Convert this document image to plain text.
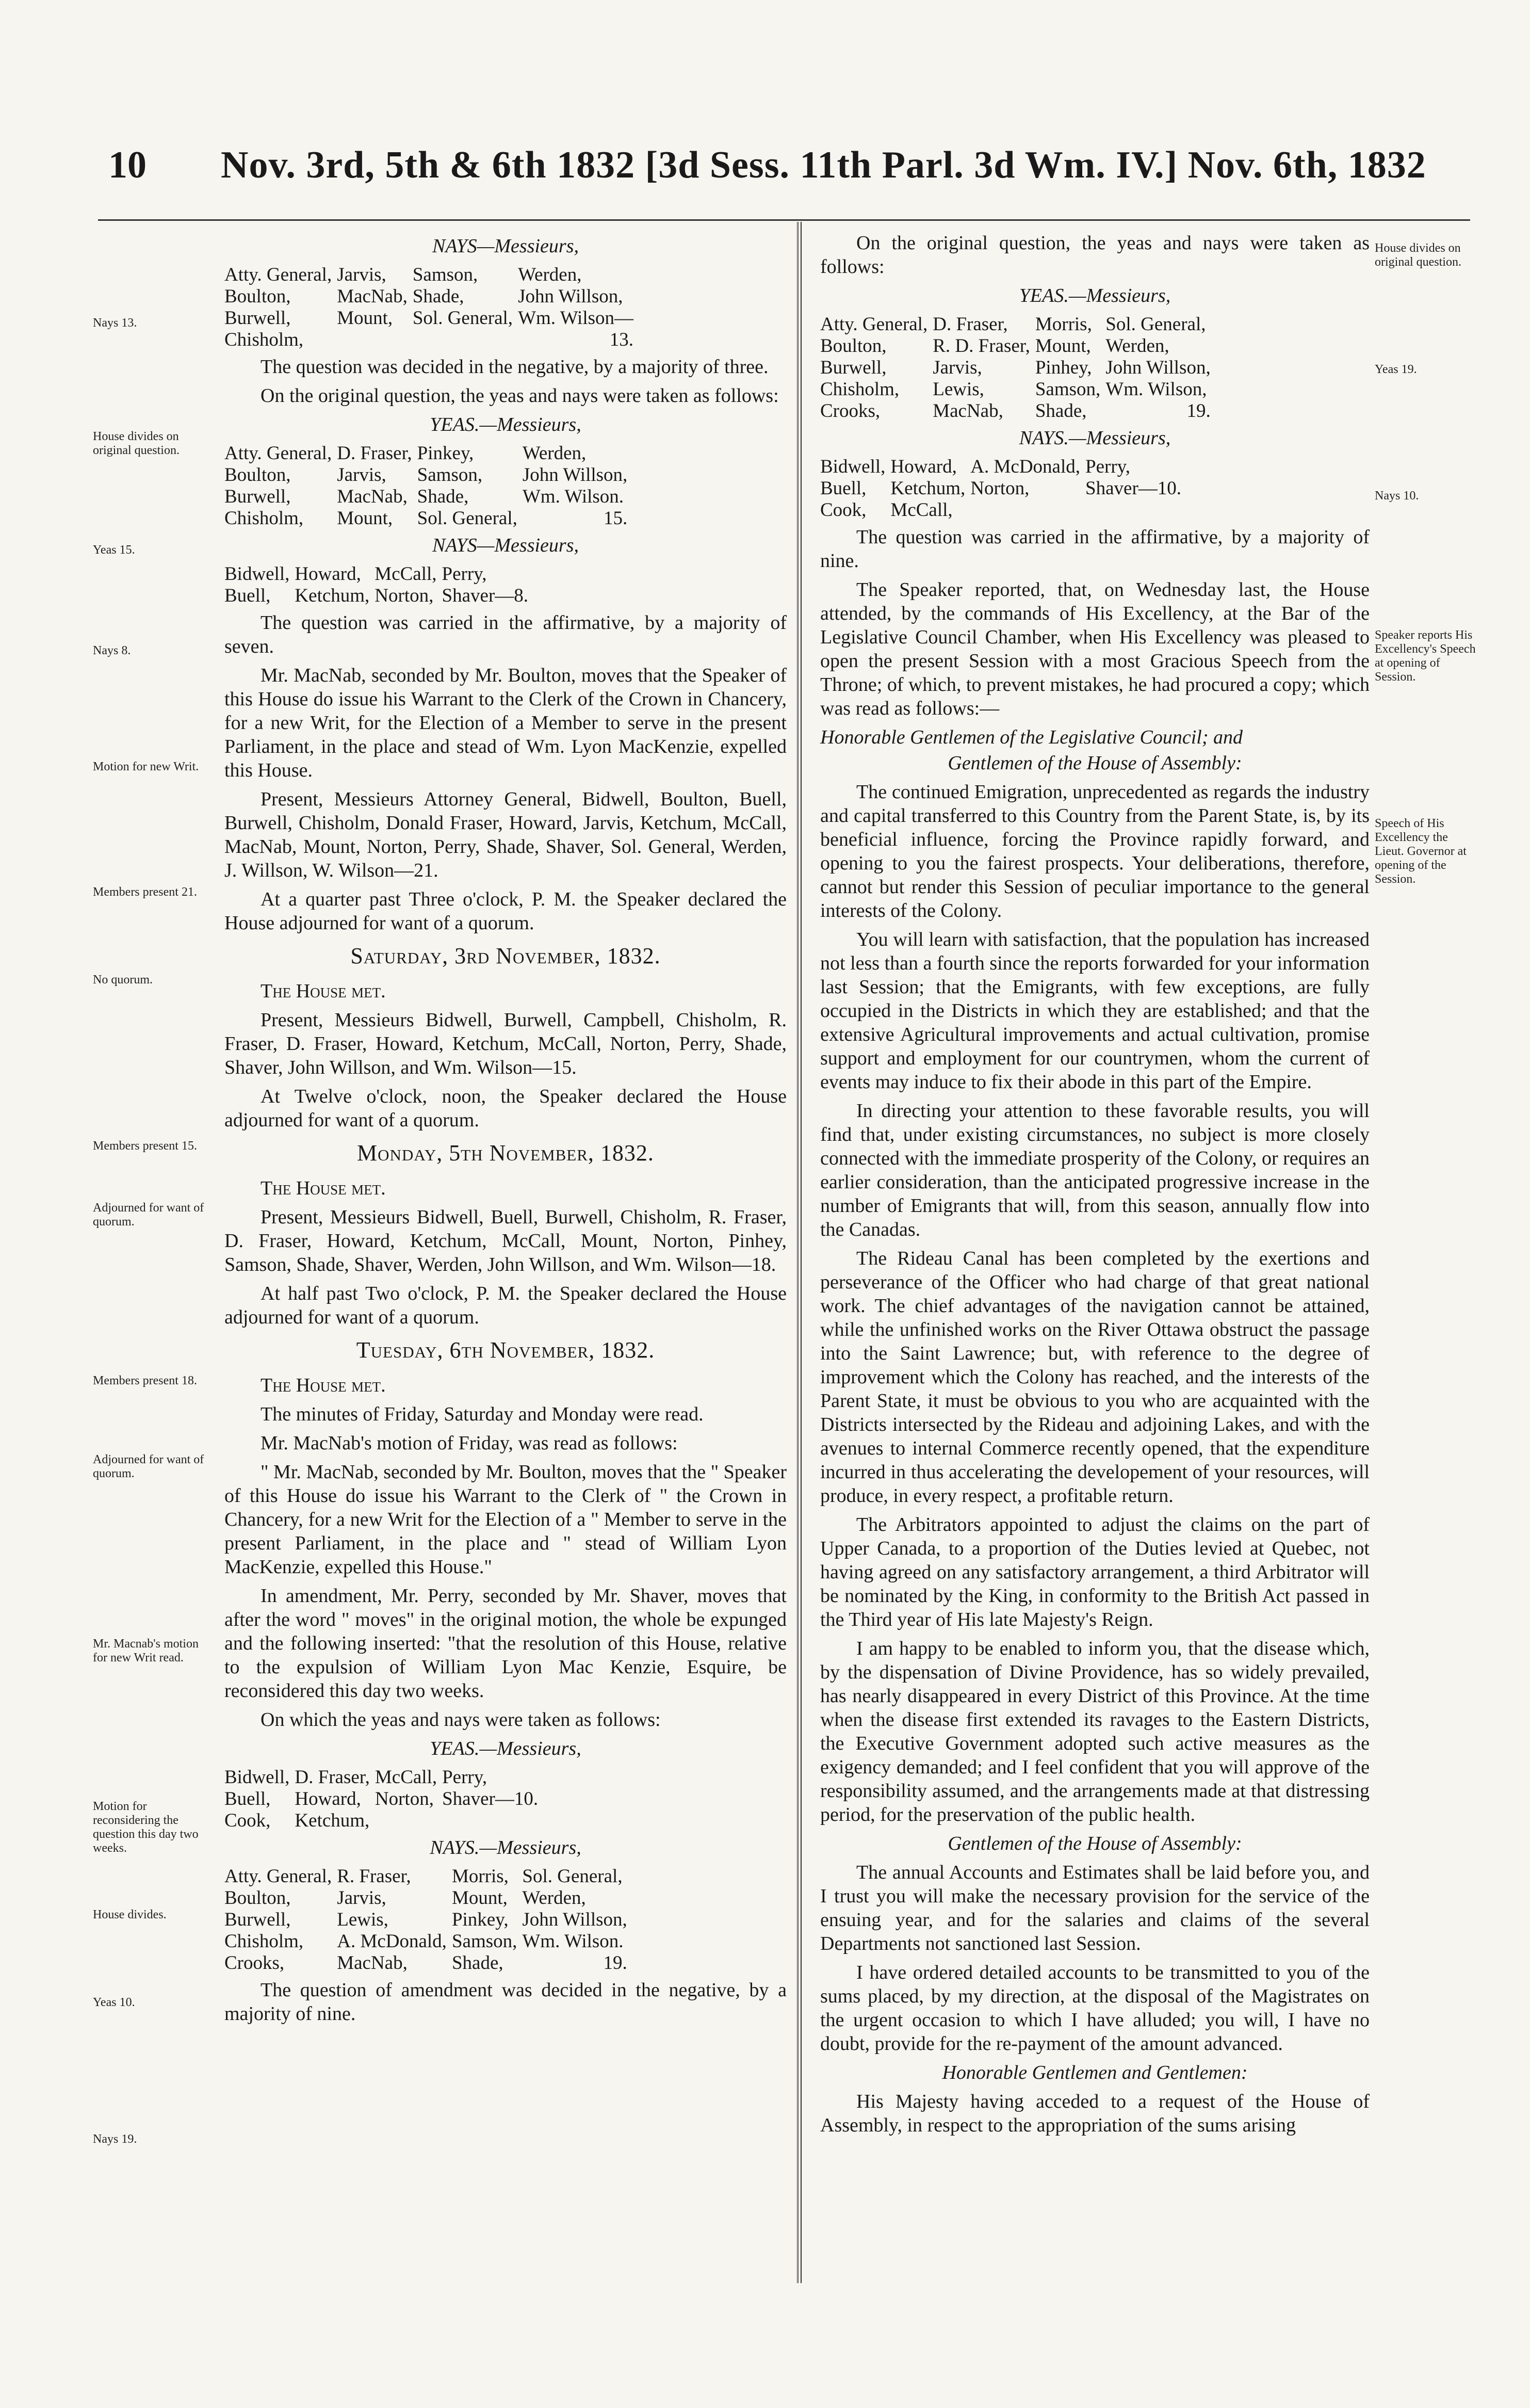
10 Nov. 3rd, 5th & 6th 1832 [3d Sess. 11th Parl. 3d Wm. IV.] Nov. 6th, 1832
Nays 13.
House divides on original question.
Yeas 15.
Nays 8.
Motion for new Writ.
Members present 21.
No quorum.
Members present 15.
Adjourned for want of quorum.
Members present 18.
Adjourned for want of quorum.
Mr. Macnab's motion for new Writ read.
Motion for reconsidering the question this day two weeks.
House divides.
Yeas 10.
Nays 19.
NAYS—Messieurs,
Atty. General,	Jarvis,	Samson,	Werden,
Boulton,	MacNab,	Shade,	John Willson,
Burwell,	Mount,	Sol. General,	Wm. Wilson—
Chisholm,			13.

The question was decided in the negative, by a majority of three.

On the original question, the yeas and nays were taken as follows:

YEAS.—Messieurs,
Atty. General,	D. Fraser,	Pinkey,	Werden,
Boulton,	Jarvis,	Samson,	John Willson,
Burwell,	MacNab,	Shade,	Wm. Wilson.
Chisholm,	Mount,	Sol. General,	15.
NAYS—Messieurs,
Bidwell,	Howard,	McCall,	Perry,
Buell,	Ketchum,	Norton,	Shaver—8.

The question was carried in the affirmative, by a majority of seven.

Mr. MacNab, seconded by Mr. Boulton, moves that the Speaker of this House do issue his Warrant to the Clerk of the Crown in Chancery, for a new Writ, for the Election of a Member to serve in the present Parliament, in the place and stead of Wm. Lyon MacKenzie, expelled this House.

Present, Messieurs Attorney General, Bidwell, Boulton, Buell, Burwell, Chisholm, Donald Fraser, Howard, Jarvis, Ketchum, McCall, MacNab, Mount, Norton, Perry, Shade, Shaver, Sol. General, Werden, J. Willson, W. Wilson—21.

At a quarter past Three o'clock, P. M. the Speaker declared the House adjourned for want of a quorum.

Saturday, 3rd November, 1832.
The House met.

Present, Messieurs Bidwell, Burwell, Campbell, Chisholm, R. Fraser, D. Fraser, Howard, Ketchum, McCall, Norton, Perry, Shade, Shaver, John Willson, and Wm. Wilson—15.

At Twelve o'clock, noon, the Speaker declared the House adjourned for want of a quorum.

Monday, 5th November, 1832.
The House met.

Present, Messieurs Bidwell, Buell, Burwell, Chisholm, R. Fraser, D. Fraser, Howard, Ketchum, McCall, Mount, Norton, Pinhey, Samson, Shade, Shaver, Werden, John Willson, and Wm. Wilson—18.

At half past Two o'clock, P. M. the Speaker declared the House adjourned for want of a quorum.

Tuesday, 6th November, 1832.
The House met.

The minutes of Friday, Saturday and Monday were read.

Mr. MacNab's motion of Friday, was read as follows:

" Mr. MacNab, seconded by Mr. Boulton, moves that the " Speaker of this House do issue his Warrant to the Clerk of " the Crown in Chancery, for a new Writ for the Election of a " Member to serve in the present Parliament, in the place and " stead of William Lyon MacKenzie, expelled this House."

In amendment, Mr. Perry, seconded by Mr. Shaver, moves that after the word " moves" in the original motion, the whole be expunged and the following inserted: "that the resolution of this House, relative to the expulsion of William Lyon Mac Kenzie, Esquire, be reconsidered this day two weeks.

On which the yeas and nays were taken as follows:

YEAS.—Messieurs,
Bidwell,	D. Fraser,	McCall,	Perry,
Buell,	Howard,	Norton,	Shaver—10.
Cook,	Ketchum,		
NAYS.—Messieurs,
Atty. General,	R. Fraser,	Morris,	Sol. General,
Boulton,	Jarvis,	Mount,	Werden,
Burwell,	Lewis,	Pinkey,	John Willson,
Chisholm,	A. McDonald,	Samson,	Wm. Wilson.
Crooks,	MacNab,	Shade,	19.

The question of amendment was decided in the negative, by a majority of nine.

House divides on original question.
Yeas 19.
Nays 10.
Speaker reports His Excellency's Speech at opening of Session.
Speech of His Excellency the Lieut. Governor at opening of the Session.

On the original question, the yeas and nays were taken as follows:

YEAS.—Messieurs,
Atty. General,	D. Fraser,	Morris,	Sol. General,
Boulton,	R. D. Fraser,	Mount,	Werden,
Burwell,	Jarvis,	Pinhey,	John Willson,
Chisholm,	Lewis,	Samson,	Wm. Wilson,
Crooks,	MacNab,	Shade,	19.
NAYS.—Messieurs,
Bidwell,	Howard,	A. McDonald,	Perry,
Buell,	Ketchum,	Norton,	Shaver—10.
Cook,	McCall,		

The question was carried in the affirmative, by a majority of nine.

The Speaker reported, that, on Wednesday last, the House attended, by the commands of His Excellency, at the Bar of the Legislative Council Chamber, when His Excellency was pleased to open the present Session with a most Gracious Speech from the Throne; of which, to prevent mistakes, he had procured a copy; which was read as follows:—

Honorable Gentlemen of the Legislative Council; and
Gentlemen of the House of Assembly:

The continued Emigration, unprecedented as regards the industry and capital transferred to this Country from the Parent State, is, by its beneficial influence, forcing the Province rapidly forward, and opening to you the fairest prospects. Your deliberations, therefore, cannot but render this Session of peculiar importance to the general interests of the Colony.

You will learn with satisfaction, that the population has increased not less than a fourth since the reports forwarded for your information last Session; that the Emigrants, with few exceptions, are fully occupied in the Districts in which they are established; and that the extensive Agricultural improvements and actual cultivation, promise support and employment for our countrymen, whom the current of events may induce to fix their abode in this part of the Empire.

In directing your attention to these favorable results, you will find that, under existing circumstances, no subject is more closely connected with the immediate prosperity of the Colony, or requires an earlier consideration, than the anticipated progressive increase in the number of Emigrants that will, from this season, annually flow into the Canadas.

The Rideau Canal has been completed by the exertions and perseverance of the Officer who had charge of that great national work. The chief advantages of the navigation cannot be attained, while the unfinished works on the River Ottawa obstruct the passage into the Saint Lawrence; but, with reference to the degree of improvement which the Colony has reached, and the interests of the Parent State, it must be obvious to you who are acquainted with the Districts intersected by the Rideau and adjoining Lakes, and with the avenues to internal Commerce recently opened, that the expenditure incurred in thus accelerating the developement of your resources, will produce, in every respect, a profitable return.

The Arbitrators appointed to adjust the claims on the part of Upper Canada, to a proportion of the Duties levied at Quebec, not having agreed on any satisfactory arrangement, a third Arbitrator will be nominated by the King, in conformity to the British Act passed in the Third year of His late Majesty's Reign.

I am happy to be enabled to inform you, that the disease which, by the dispensation of Divine Providence, has so widely prevailed, has nearly disappeared in every District of this Province. At the time when the disease first extended its ravages to the Eastern Districts, the Executive Government adopted such active measures as the exigency demanded; and I feel confident that you will approve of the responsibility assumed, and the arrangements made at that distressing period, for the preservation of the public health.

Gentlemen of the House of Assembly:

The annual Accounts and Estimates shall be laid before you, and I trust you will make the necessary provision for the service of the ensuing year, and for the salaries and claims of the several Departments not sanctioned last Session.

I have ordered detailed accounts to be transmitted to you of the sums placed, by my direction, at the disposal of the Magistrates on the urgent occasion to which I have alluded; you will, I have no doubt, provide for the re-payment of the amount advanced.

Honorable Gentlemen and Gentlemen:

His Majesty having acceded to a request of the House of Assembly, in respect to the appropriation of the sums arising
